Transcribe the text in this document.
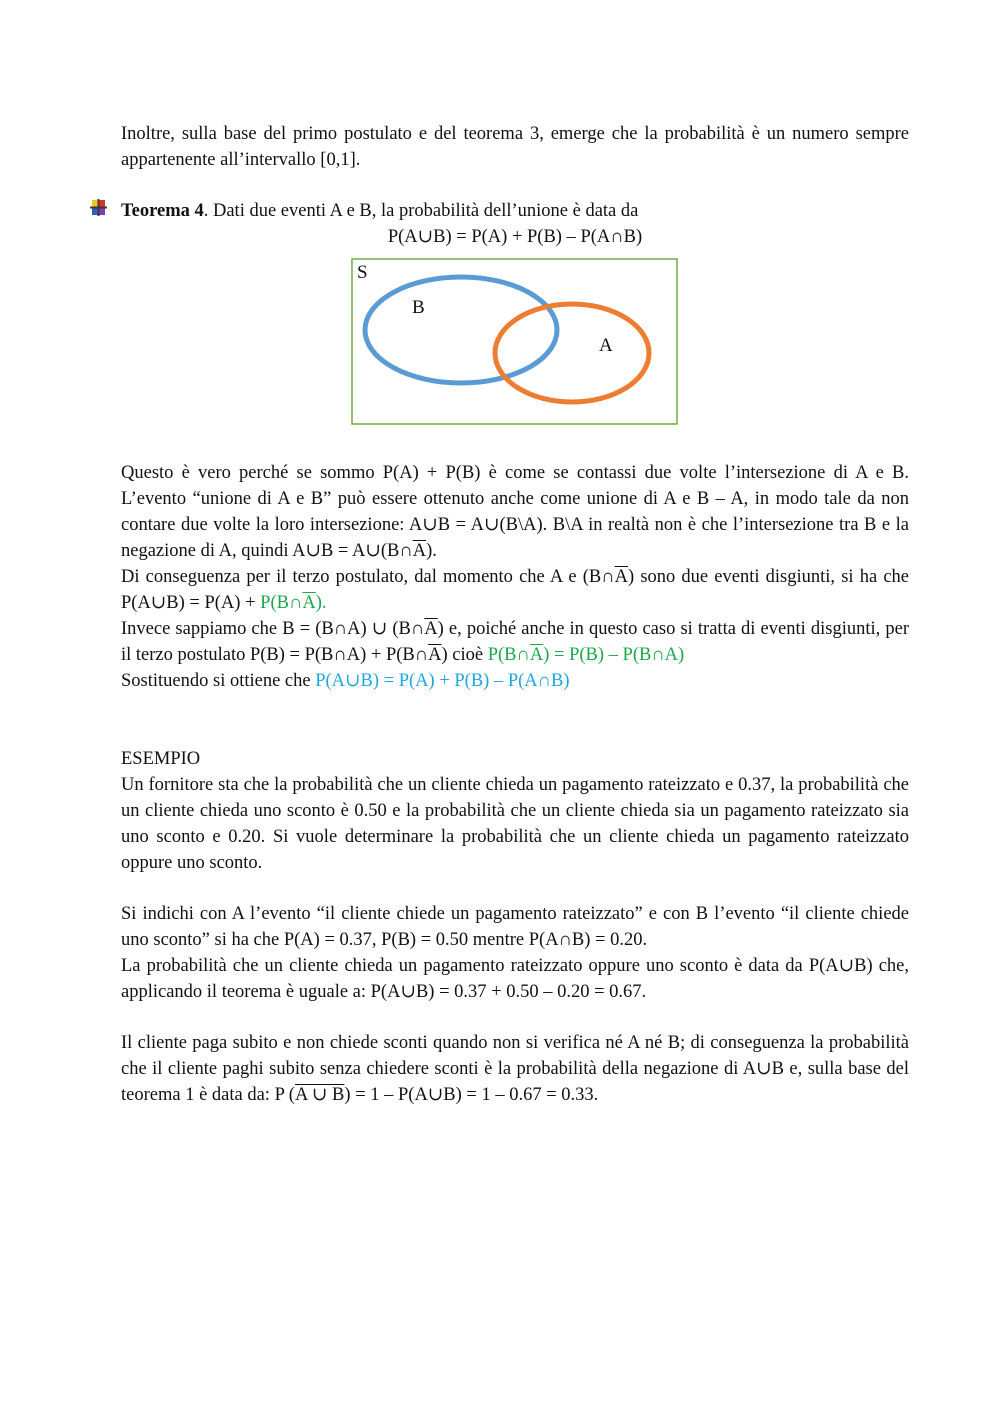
Inoltre, sulla base del primo postulato e del teorema 3, emerge che la probabilità è un numero sempre appartenente all’intervallo [0,1].

Teorema 4. Dati due eventi A e B, la probabilità dell’unione è data da

P(A∪B) = P(A) + P(B) – P(A∩B)

S
B
A

Questo è vero perché se sommo P(A) + P(B) è come se contassi due volte l’intersezione di A e B. L’evento “unione di A e B” può essere ottenuto anche come unione di A e B – A, in modo tale da non contare due volte la loro intersezione: A∪B = A∪(B\A). B\A in realtà non è che l’intersezione tra B e la negazione di A, quindi A∪B = $A\cup(B\cap\overline{A})$.

Di conseguenza per il terzo postulato, dal momento che A e $(B\cap\overline{A})$ sono due eventi disgiunti, si ha che P(A∪B) = $P(A) + P(B\cap\overline{A})$.

Invece sappiamo che B = (B∩A) ∪ $(B\cap\overline{A})$ e, poiché anche in questo caso si tratta di eventi disgiunti, per il terzo postulato P(B) = P(B∩A) + $P(B\cap\overline{A})$ cioè $P(B\cap\overline{A}) = P(B)$ – P(B∩A)

Sostituendo si ottiene che P(A∪B) = P(A) + P(B) – P(A∩B)

ESEMPIO

Un fornitore sta che la probabilità che un cliente chieda un pagamento rateizzato e 0.37, la probabilità che un cliente chieda uno sconto è 0.50 e la probabilità che un cliente chieda sia un pagamento rateizzato sia uno sconto e 0.20. Si vuole determinare la probabilità che un cliente chieda un pagamento rateizzato oppure uno sconto.

Si indichi con A l’evento “il cliente chiede un pagamento rateizzato” e con B l’evento “il cliente chiede uno sconto” si ha che P(A) = 0.37, P(B) = 0.50 mentre P(A∩B) = 0.20.

La probabilità che un cliente chieda un pagamento rateizzato oppure uno sconto è data da P(A∪B) che, applicando il teorema è uguale a: P(A∪B) = 0.37 + 0.50 – 0.20 = 0.67.

Il cliente paga subito e non chiede sconti quando non si verifica né A né B; di conseguenza la probabilità che il cliente paghi subito senza chiedere sconti è la probabilità della negazione di A∪B e, sulla base del teorema 1 è data da: P (A ∪ B) = 1 – P(A∪B) = 1 – 0.67 = 0.33.
